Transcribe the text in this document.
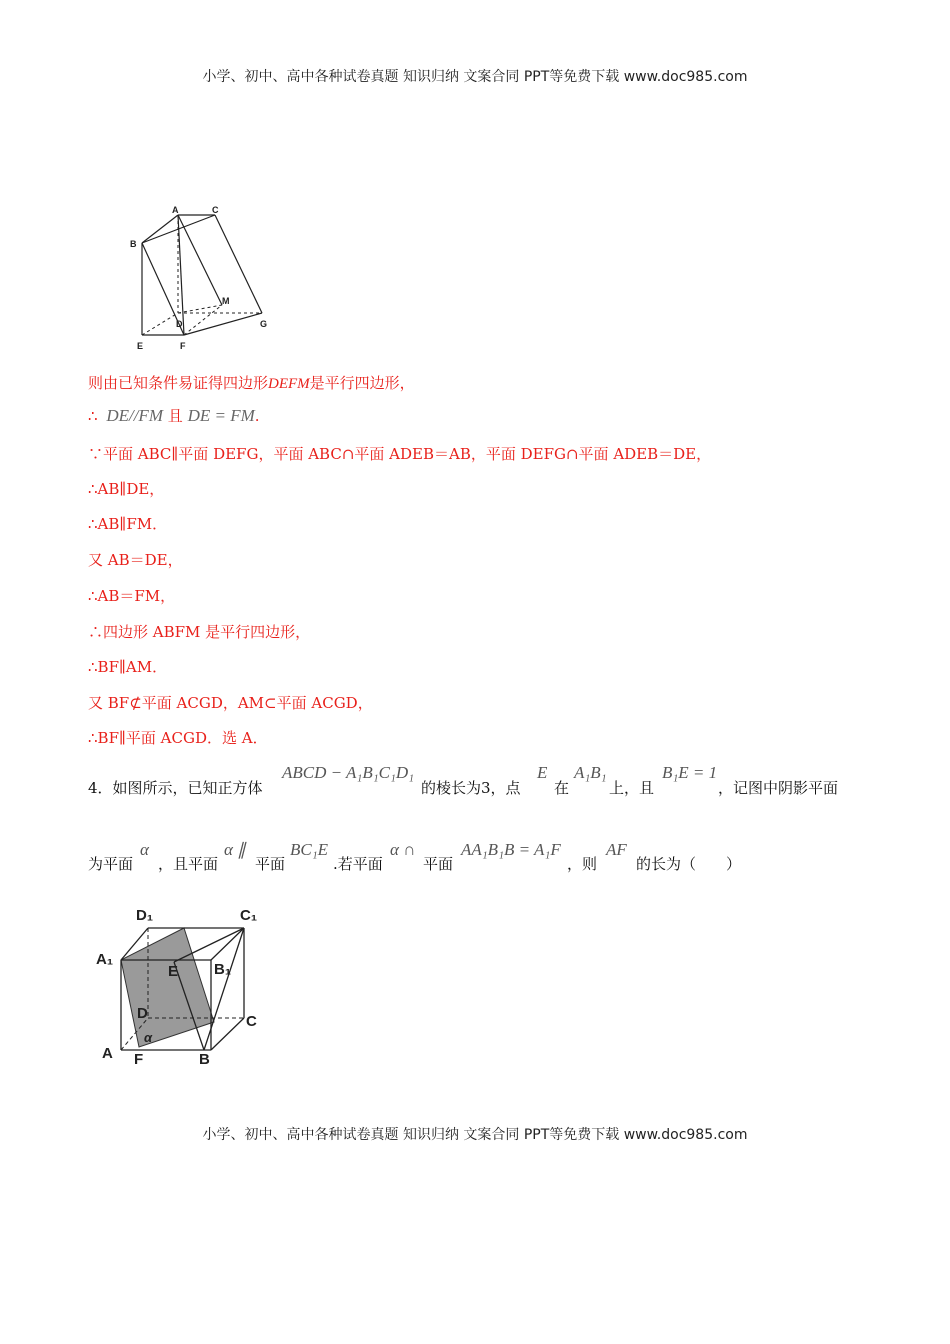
小学、初中、高中各种试卷真题 知识归纳 文案合同 PPT等免费下载 www.doc985.com
A	C
B
M
D	G
E	F
则由已知条件易证得四边形DEFM是平行四边形，
∴ DE//FM 且 DE = FM.
∵平面 ABC∥平面 DEFG，平面 ABC∩平面 ADEB＝AB，平面 DEFG∩平面 ADEB＝DE，
∴AB∥DE，
∴AB∥FM．
又 AB＝DE，
∴AB＝FM，
∴四边形 ABFM 是平行四边形，
∴BF∥AM．
又 BF⊄平面 ACGD，AM⊂平面 ACGD，
∴BF∥平面 ACGD．选 A．
4．如图所示，已知正方体
ABCD − A₁B₁C₁D₁
的棱长为3，点
E
在
A₁B₁
上，且
B₁E = 1
，记图中阴影平面
为平面
α
，且平面
α ∥
平面
BC₁E
.若平面
α ∩
平面
AA₁B₁B = A₁F
，则
AF
的长为（　　）
D₁	C₁
A₁
E B₁
D	C
A F	B
α
小学、初中、高中各种试卷真题 知识归纳 文案合同 PPT等免费下载 www.doc985.com
